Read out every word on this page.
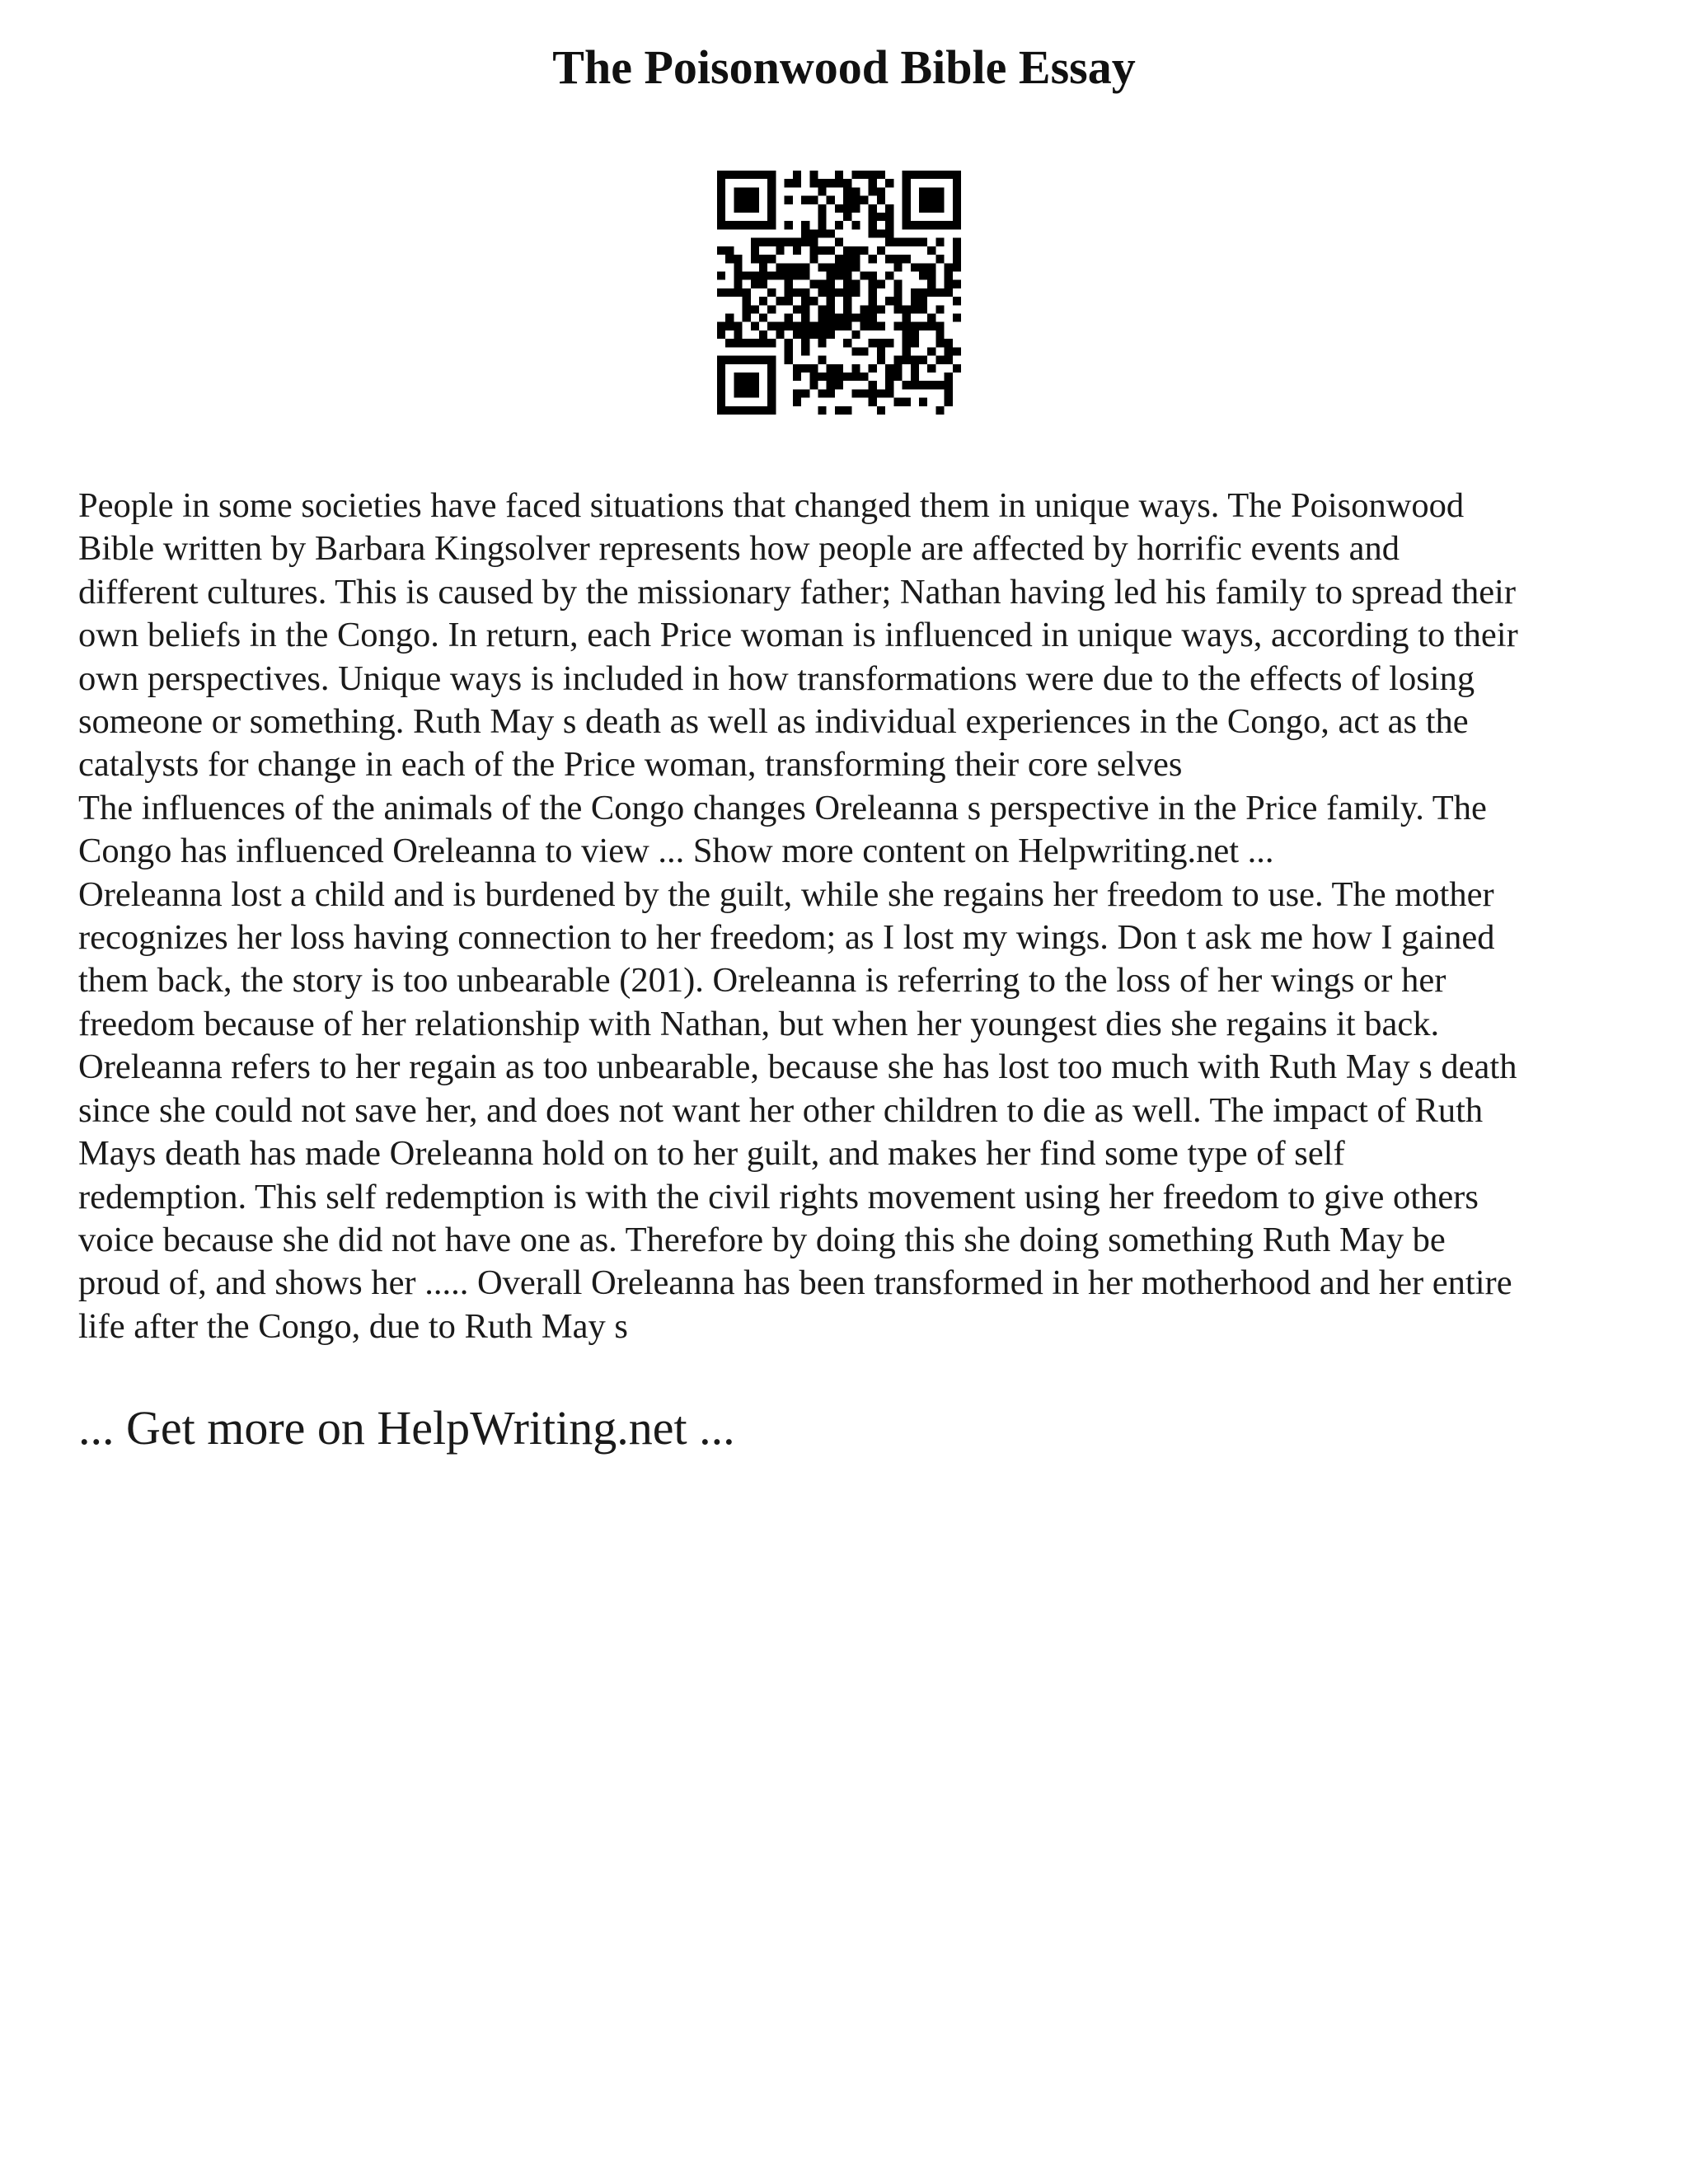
The Poisonwood Bible Essay

People in some societies have faced situations that changed them in unique ways. The Poisonwood
Bible written by Barbara Kingsolver represents how people are affected by horrific events and
different cultures. This is caused by the missionary father; Nathan having led his family to spread their
own beliefs in the Congo. In return, each Price woman is influenced in unique ways, according to their
own perspectives. Unique ways is included in how transformations were due to the effects of losing
someone or something. Ruth May s death as well as individual experiences in the Congo, act as the
catalysts for change in each of the Price woman, transforming their core selves

The influences of the animals of the Congo changes Oreleanna s perspective in the Price family. The
Congo has influenced Oreleanna to view ... Show more content on Helpwriting.net ...

Oreleanna lost a child and is burdened by the guilt, while she regains her freedom to use. The mother
recognizes her loss having connection to her freedom; as I lost my wings. Don t ask me how I gained
them back, the story is too unbearable (201). Oreleanna is referring to the loss of her wings or her
freedom because of her relationship with Nathan, but when her youngest dies she regains it back.
Oreleanna refers to her regain as too unbearable, because she has lost too much with Ruth May s death
since she could not save her, and does not want her other children to die as well. The impact of Ruth
Mays death has made Oreleanna hold on to her guilt, and makes her find some type of self
redemption. This self redemption is with the civil rights movement using her freedom to give others
voice because she did not have one as. Therefore by doing this she doing something Ruth May be
proud of, and shows her ..... Overall Oreleanna has been transformed in her motherhood and her entire
life after the Congo, due to Ruth May s

... Get more on HelpWriting.net ...
